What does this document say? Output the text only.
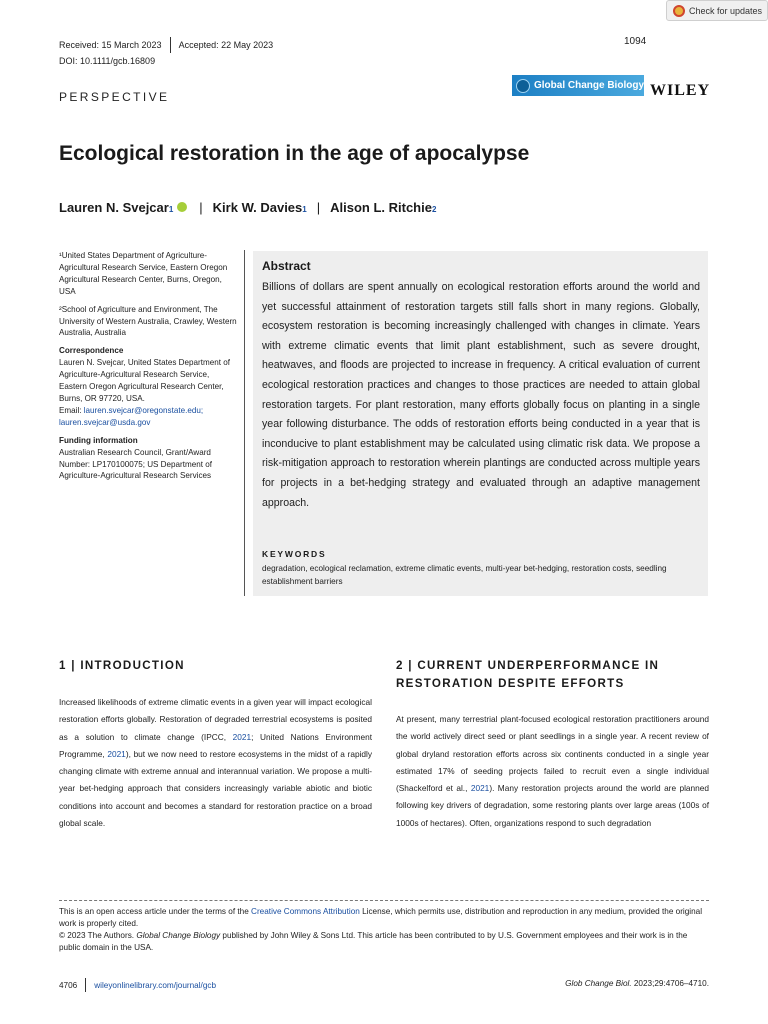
Check for updates
Received: 15 March 2023 Accepted: 22 May 2023	1094
DOI: 10.1111/gcb.16809
PERSPECTIVE
Global Change Biology WILEY
Ecological restoration in the age of apocalypse
Lauren N. Svejcar 1 | Kirk W. Davies 1 | Alison L. Ritchie 2

¹United States Department of Agriculture-Agricultural Research Service, Eastern Oregon Agricultural Research Center, Burns, Oregon, USA

²School of Agriculture and Environment, The University of Western Australia, Crawley, Western Australia, Australia

Correspondence

Lauren N. Svejcar, United States Department of Agriculture-Agricultural Research Service, Eastern Oregon Agricultural Research Center, Burns, OR 97720, USA.

Email: lauren.svejcar@oregonstate.edu;

lauren.svejcar@usda.gov

Funding information

Australian Research Council, Grant/Award Number: LP170100075; US Department of Agriculture-Agricultural Research Services

Abstract
Billions of dollars are spent annually on ecological restoration efforts around the world and yet successful attainment of restoration targets still falls short in many regions. Globally, ecosystem restoration is becoming increasingly challenged with changes in climate. Years with extreme climatic events that limit plant establishment, such as severe drought, heatwaves, and floods are projected to increase in frequency. A critical evaluation of current ecological restoration practices and changes to those practices are needed to attain global restoration targets. For plant restoration, many efforts globally focus on planting in a single year following disturbance. The odds of restoration efforts being conducted in a year that is inconducive to plant establishment may be calculated using climatic risk data. We propose a risk-mitigation approach to restoration wherein plantings are conducted across multiple years for projects in a bet-hedging strategy and evaluated through an adaptive management approach.
KEYWORDS
degradation, ecological reclamation, extreme climatic events, multi-year bet-hedging, restoration costs, seedling establishment barriers
1 | INTRODUCTION
Increased likelihoods of extreme climatic events in a given year will impact ecological restoration efforts globally. Restoration of degraded terrestrial ecosystems is posited as a solution to climate change (IPCC, 2021; United Nations Environment Programme, 2021), but we now need to restore ecosystems in the midst of a rapidly changing climate with extreme annual and interannual variation. We propose a multi-year bet-hedging approach that considers increasingly variable abiotic and biotic conditions into account and becomes a standard for restoration practice on a broad global scale.
2 | CURRENT UNDERPERFORMANCE IN
RESTORATION DESPITE EFFORTS
At present, many terrestrial plant-focused ecological restoration practitioners around the world actively direct seed or plant seedlings in a single year. A recent review of global dryland restoration efforts across six continents conducted in a single year estimated 17% of seeding projects failed to recruit even a single individual (Shackelford et al., 2021). Many restoration projects around the world are planned following key drivers of degradation, some restoring plants over large areas (100s of 1000s of hectares). Often, organizations respond to such degradation

This is an open access article under the terms of the Creative Commons Attribution License, which permits use, distribution and reproduction in any medium, provided the original work is properly cited.

© 2023 The Authors. Global Change Biology published by John Wiley & Sons Ltd. This article has been contributed to by U.S. Government employees and their work is in the public domain in the USA.

4706 wileyonlinelibrary.com/journal/gcb	Glob Change Biol. 2023;29:4706–4710.
